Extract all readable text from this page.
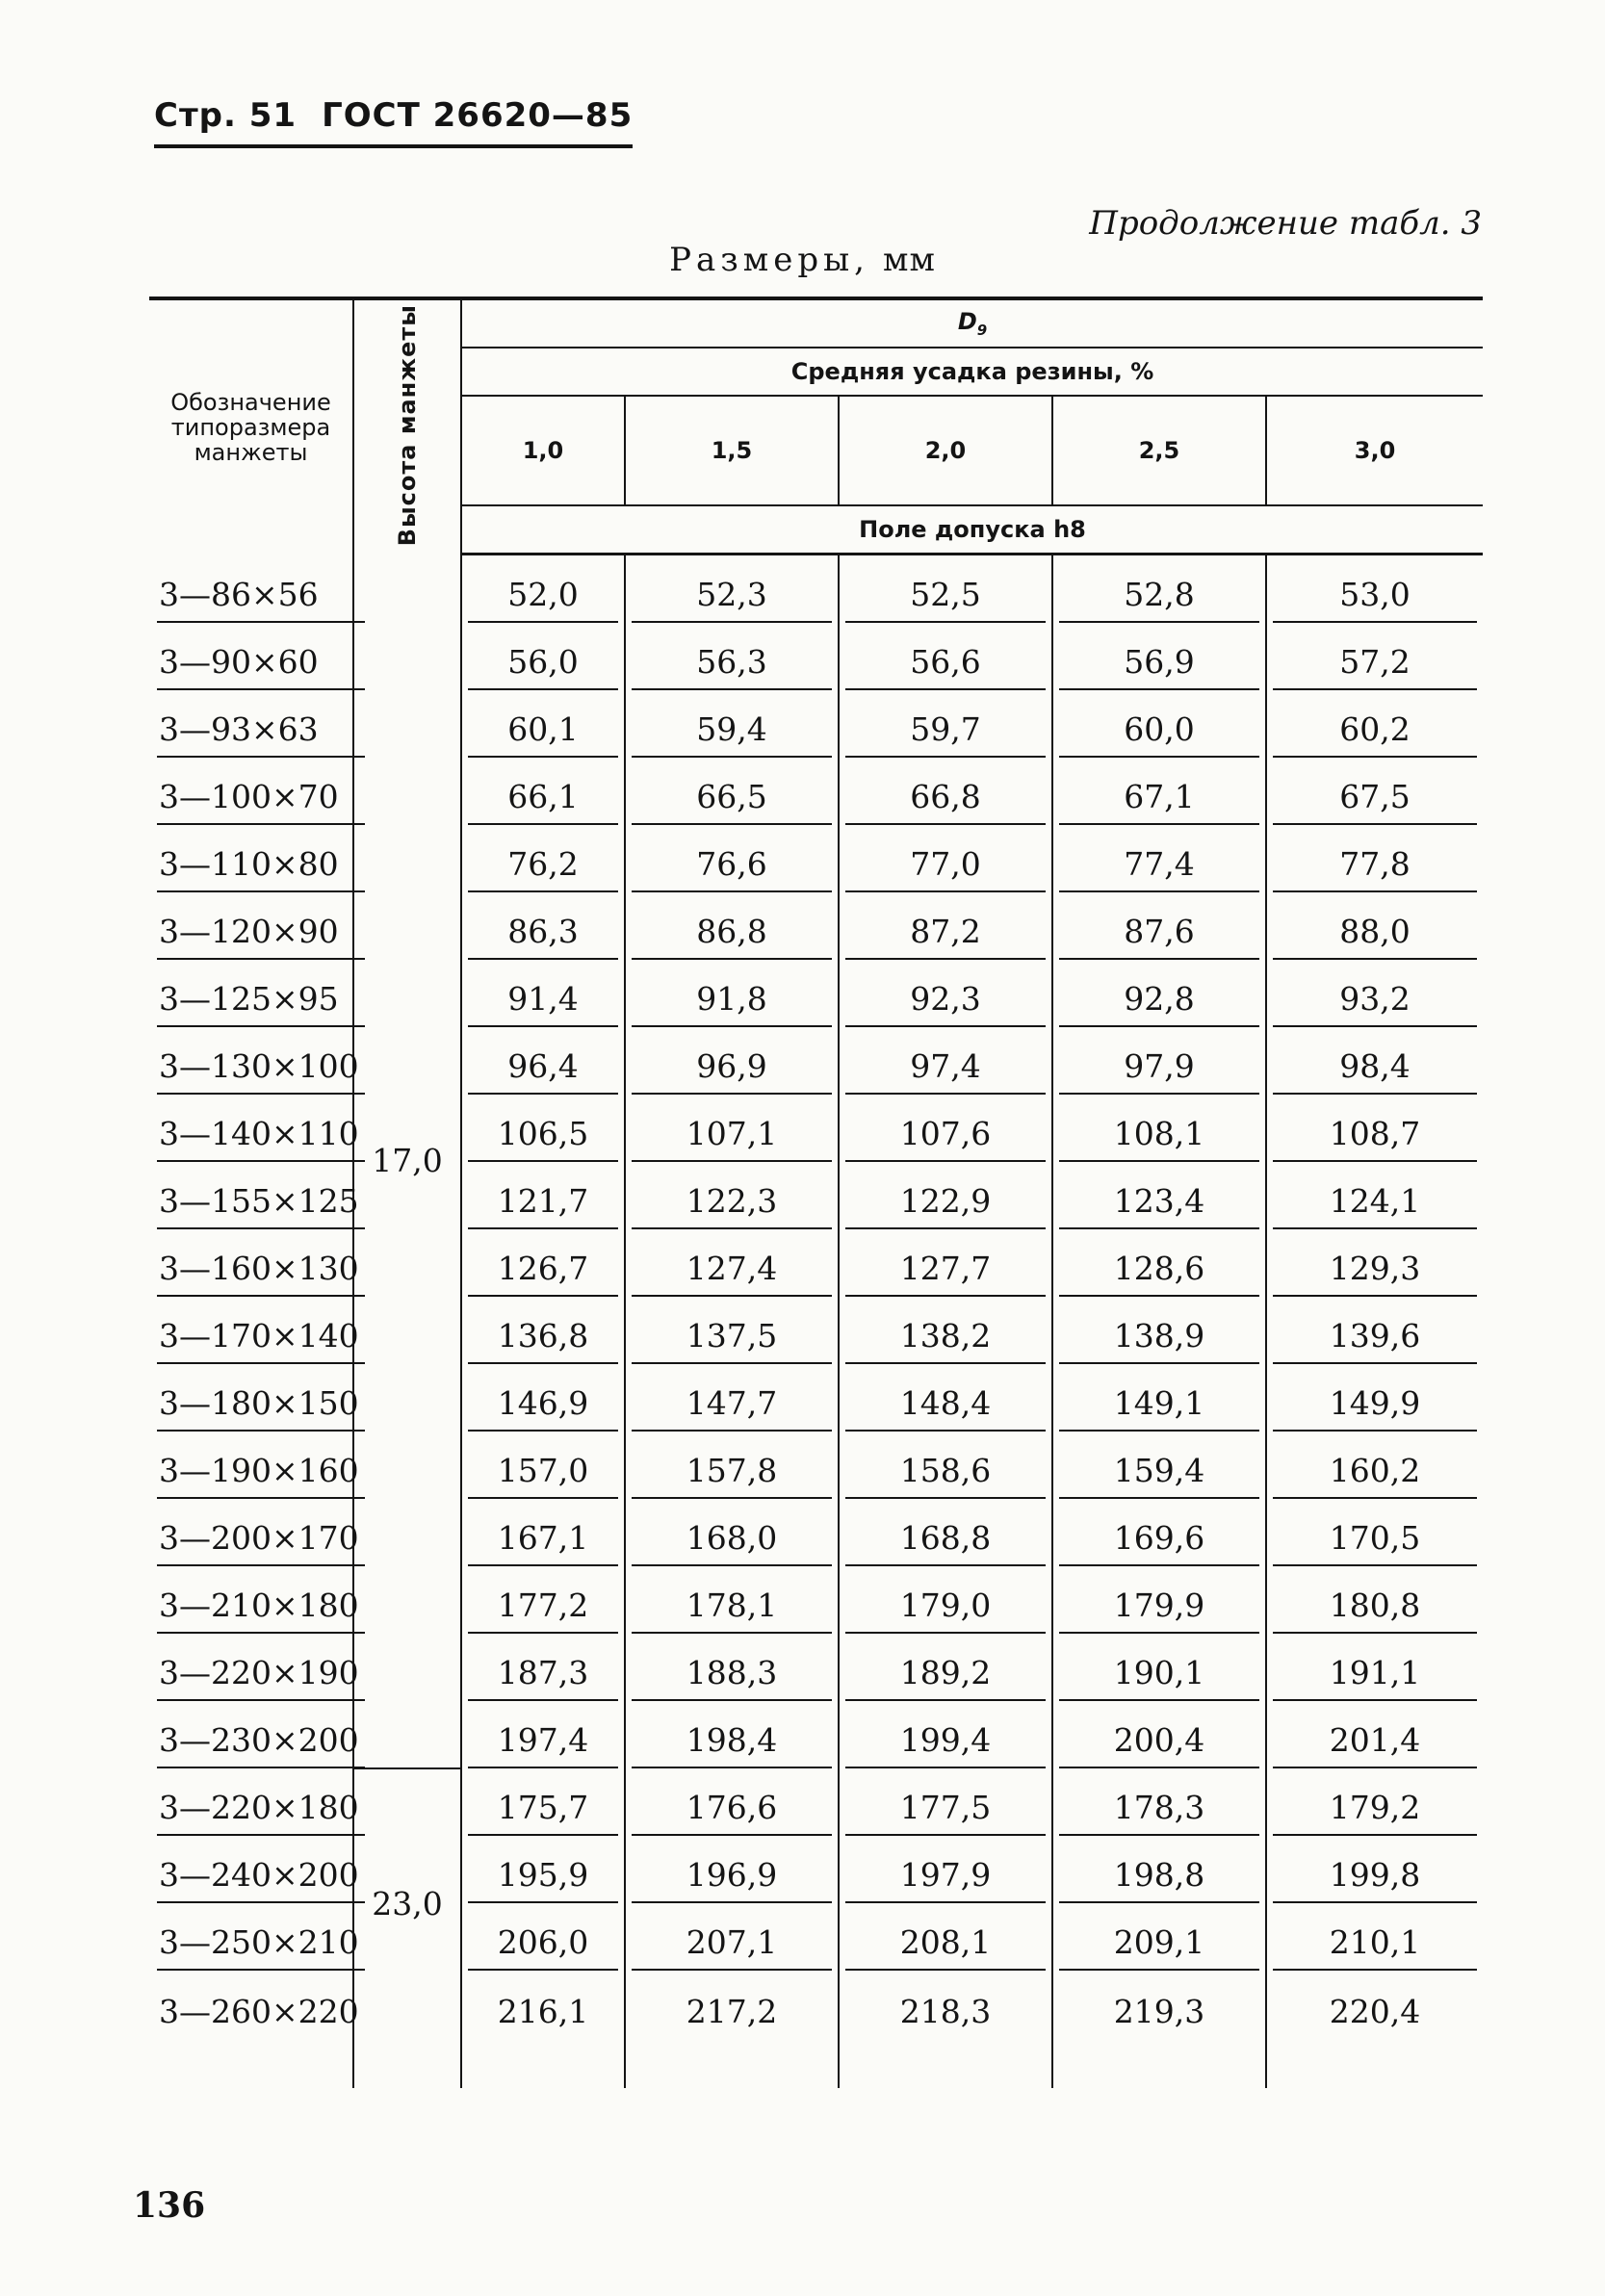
Стр. 51 ГОСТ 26620—85
Продолжение табл. 3
Размеры, мм
Обозначение типоразмера манжеты	Высота манжеты	$D_9$
		Средняя усадка резины, %				
		1,0	1,5	2,0	2,5	3,0
		Поле допуска h8				
3—86×56	17,0	52,0	52,3	52,5	52,8	53,0

3—90×60		56,0	56,3	56,6	56,9	57,2

3—93×63		60,1	59,4	59,7	60,0	60,2

3—100×70		66,1	66,5	66,8	67,1	67,5

3—110×80		76,2	76,6	77,0	77,4	77,8

3—120×90		86,3	86,8	87,2	87,6	88,0

3—125×95		91,4	91,8	92,3	92,8	93,2

3—130×100		96,4	96,9	97,4	97,9	98,4

3—140×110		106,5	107,1	107,6	108,1	108,7

3—155×125		121,7	122,3	122,9	123,4	124,1

3—160×130		126,7	127,4	127,7	128,6	129,3

3—170×140		136,8	137,5	138,2	138,9	139,6

3—180×150		146,9	147,7	148,4	149,1	149,9

3—190×160		157,0	157,8	158,6	159,4	160,2

3—200×170		167,1	168,0	168,8	169,6	170,5

3—210×180		177,2	178,1	179,0	179,9	180,8

3—220×190		187,3	188,3	189,2	190,1	191,1

3—230×200		197,4	198,4	199,4	200,4	201,4

3—220×180	23,0	175,7	176,6	177,5	178,3	179,2

3—240×200		195,9	196,9	197,9	198,8	199,8

3—250×210		206,0	207,1	208,1	209,1	210,1

3—260×220		216,1	217,2	218,3	219,3	220,4

136
